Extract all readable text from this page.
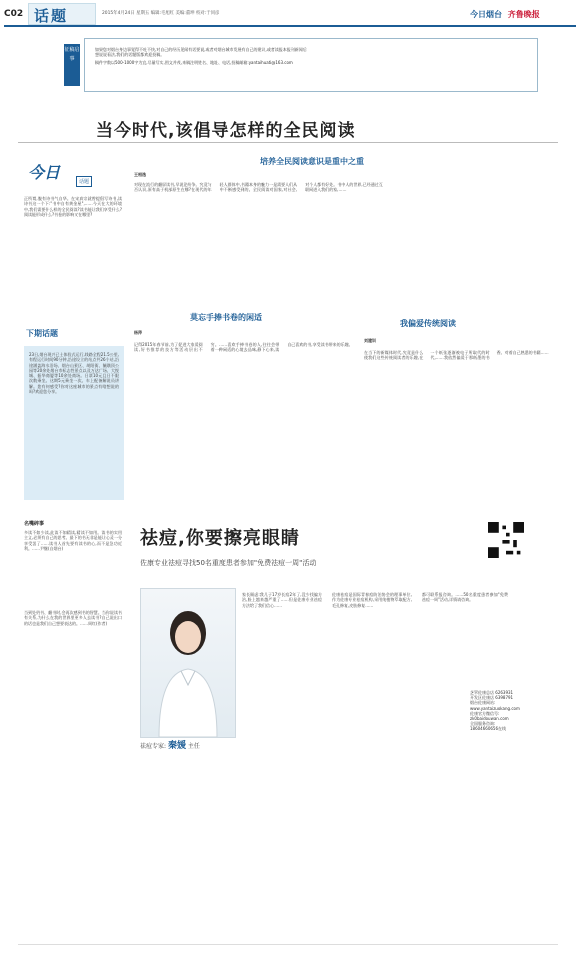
C02 话题	2015年4月24日 星期五 编辑:毛旭红 美编:董坤 校对:于同彦	今日烟台 齐鲁晚报
征稿启事
如果您对烟台身边事觉得不吐不快,对自己的经历见闻有话要说,或者对烟台城市发展有自己的建议,或者读报本报刊新闻后
想说说看法,我们的话题版都欢迎投稿。
稿件字数以500-1000字为宜,尽量写实,图文并茂,来稿注明姓名、地址、电话,投稿邮箱:yantaihuati@163.com
当今时代,该倡导怎样的全民阅读
今日	话题
正所谓,腹有诗书气自华。在宋真宗就曾提倡写诗书,读诗书这一个下:"书中自有黄金屋",……今天在大的环境中,我们需要什么样的全民阅读?读书能让我们享受什么?阅读能形成什么?书卷的影响又在哪里?
下期话题
23日,烟台现兴已土体验式运行,线路全程21.5公里,有程运行时间90分钟,沿途设立的站点共26个站,沿途涵盖海水浴场、烟台山景区、胡阳街、毓璜顶公园等20余处烟台市标志性景点以及万达广场、大悦城、振华商厦等10余处商场。日票10元且日不限次数乘坐。这期5元乘坐一次。车上配备解说员讲解。您有何感受?你对这座城市的景点有啥想说的吗?欢迎您分享。
名嘴碎事
多读不如少读,此读不如精读,精读不如用。读书的实用主义,必须有自己的思考。最下的书无非是能让心灵一分享受罢了……读书人首先要有读书的心,而不是急功近利。……尹继(自烟台)
当到处扔书、翻书时,会再次感到书的智慧。当你说读书有关系,为什么在我的世界里更多人去读书?自己说出口的话也是我们自己想要表达的。……周红(作者)
培养全民阅读意识是重中之重
王相逸
对现在流行的翻屏读书,早说论纷争。究竟与否认识,原有高于机部原生在哪?在现代的年轻人群体中,书籍本身的魅力一是需要人们从中不断感受到的。全民阅读对国家,对社会,对个人都有好处。书中人的世界,已经通过互联网进入我们的家,……
莫忘手捧书卷的闲适
杨萍
记得2015年春节前,为了促进大家爱阅读,好书推荐的良方等活动层出不穷。……喜欢手捧书卷的人,往往会带着一种闲适的心境去品味,静下心来,读自己喜欢的书,享受读书带来的乐趣。
我偏爱传统阅读
刘建训
在当下的新媒体时代,究竟是什么使我们这些传统阅读者的乐趣,在一个纸张逐渐被电子所取代的时代,……我依然偏爱于那纸墨的书香。对着自己熟悉的书籍……
祛痘,你要擦亮眼睛
佐康专业祛痘寻找50名重度患者参加"免费祛痘一周"活动
祛痘专家: 秦媛 主任
家长顾虑:我儿子17岁长痘2年了,没少找偏方治,脸上越来越严重了……但是佐康专业祛痘方法给了我们信心……
佐康祛痘是国际青春痘防治协会的理事单位,作为佐康专业祛痘机构,采用纯植物萃取配方,毛孔修复,皮肤修复……
都可联系报咨询。……50名重度患者参加"免费祛痘一周"活动,详情请咨询。
芝罘佐康总店 6263931
开发区佐康店 6398791
烟台佐康网站:
www.yantaizuokang.com
佐康官方微信号:
zk0baidouwan.com
全国服务咨询:
18604660656在线
